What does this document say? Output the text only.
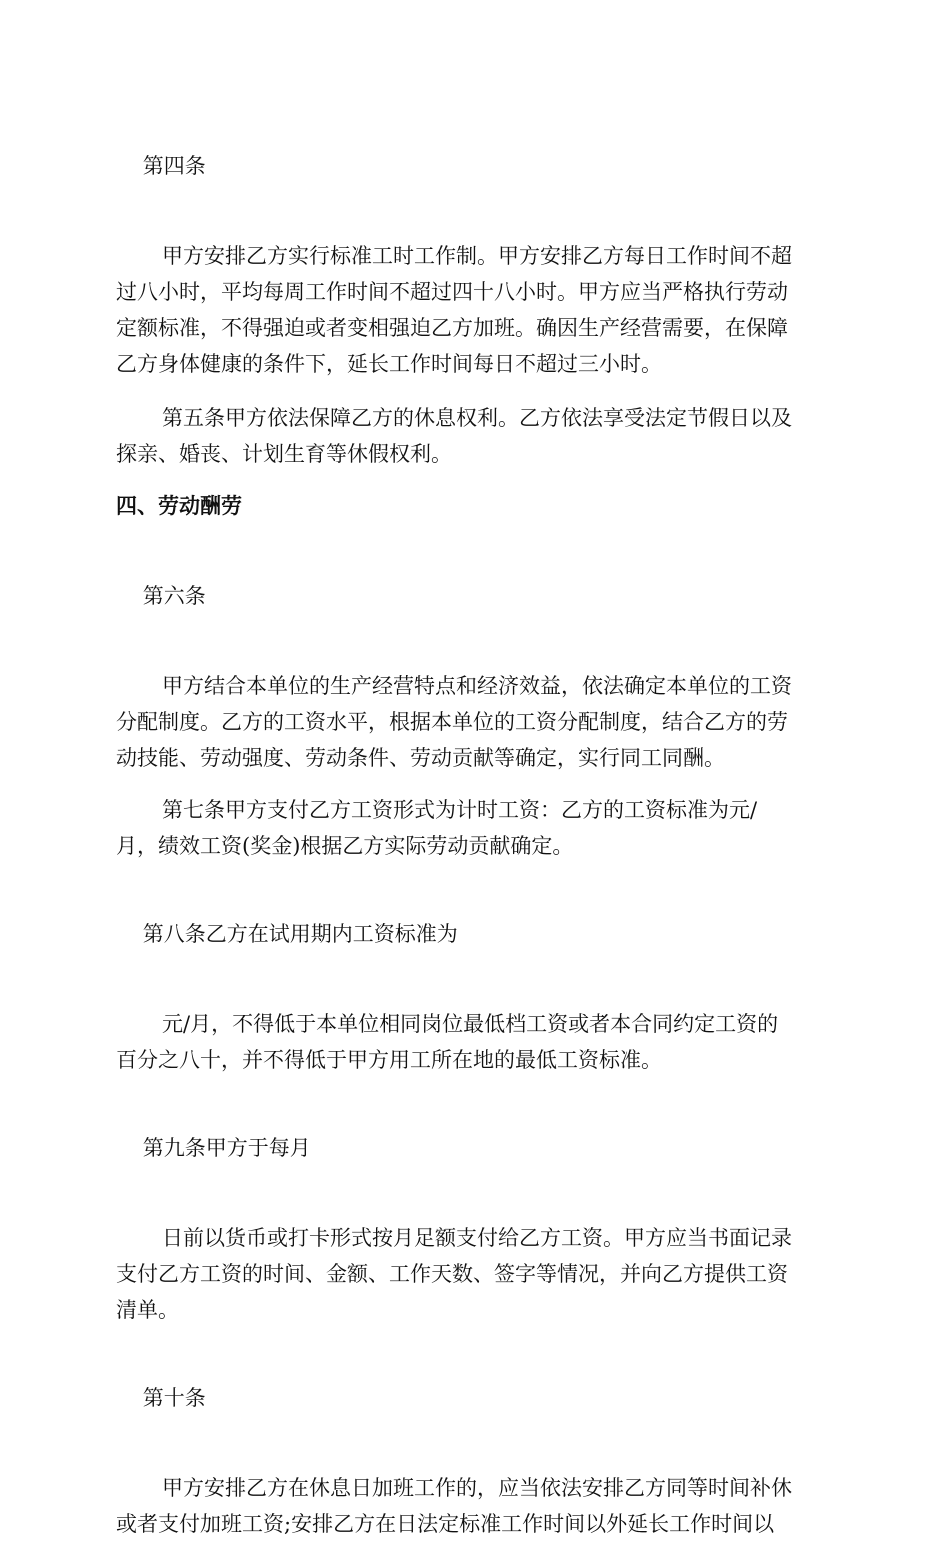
第四条

甲方安排乙方实行标准工时工作制。甲方安排乙方每日工作时间不超
过八小时，平均每周工作时间不超过四十八小时。甲方应当严格执行劳动
定额标准，不得强迫或者变相强迫乙方加班。确因生产经营需要，在保障
乙方身体健康的条件下，延长工作时间每日不超过三小时。
第五条甲方依法保障乙方的休息权利。乙方依法享受法定节假日以及
探亲、婚丧、计划生育等休假权利。
四、劳动酬劳

第六条

甲方结合本单位的生产经营特点和经济效益，依法确定本单位的工资
分配制度。乙方的工资水平，根据本单位的工资分配制度，结合乙方的劳
动技能、劳动强度、劳动条件、劳动贡献等确定，实行同工同酬。
第七条甲方支付乙方工资形式为计时工资：乙方的工资标准为元/
月，绩效工资(奖金)根据乙方实际劳动贡献确定。

第八条乙方在试用期内工资标准为

元/月，不得低于本单位相同岗位最低档工资或者本合同约定工资的
百分之八十，并不得低于甲方用工所在地的最低工资标准。

第九条甲方于每月

日前以货币或打卡形式按月足额支付给乙方工资。甲方应当书面记录
支付乙方工资的时间、金额、工作天数、签字等情况，并向乙方提供工资
清单。

第十条

甲方安排乙方在休息日加班工作的，应当依法安排乙方同等时间补休
或者支付加班工资;安排乙方在日法定标准工作时间以外延长工作时间以
